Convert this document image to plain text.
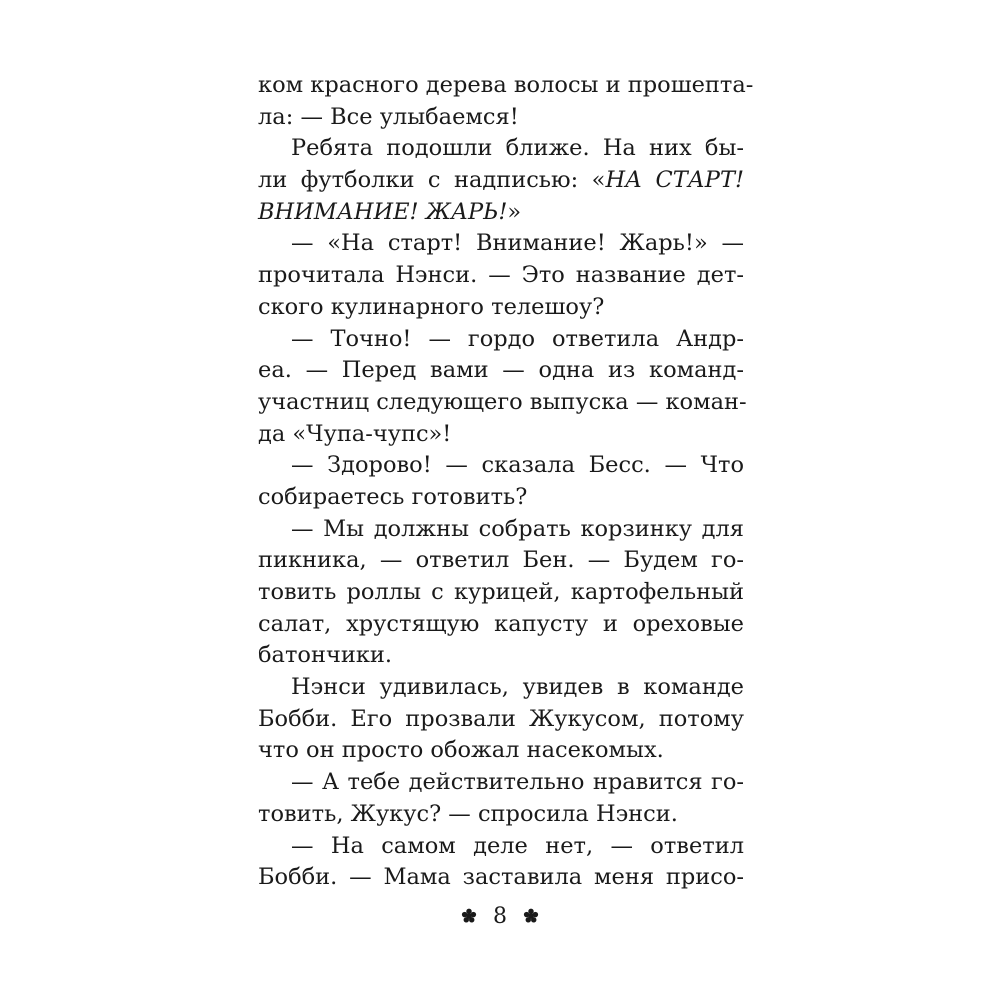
ком красного дерева волосы и прошепта-
ла: — Все улыбаемся!
Ребята подошли ближе. На них бы-
ли футболки с надписью: «НА СТАРТ!
ВНИМАНИЕ! ЖАРЬ!»
— «На старт! Внимание! Жарь!» —
прочитала Нэнси. — Это название дет-
ского кулинарного телешоу?
— Точно! — гордо ответила Андр-
еа. — Перед вами — одна из команд-
участниц следующего выпуска — коман-
да «Чупа-чупс»!
— Здорово! — сказала Бесс. — Что
собираетесь готовить?
— Мы должны собрать корзинку для
пикника, — ответил Бен. — Будем го-
товить роллы с курицей, картофельный
салат, хрустящую капусту и ореховые
батончики.
Нэнси удивилась, увидев в команде
Бобби. Его прозвали Жукусом, потому
что он просто обожал насекомых.
— А тебе действительно нравится го-
товить, Жукус? — спросила Нэнси.
— На самом деле нет, — ответил
Бобби. — Мама заставила меня присо-
8
